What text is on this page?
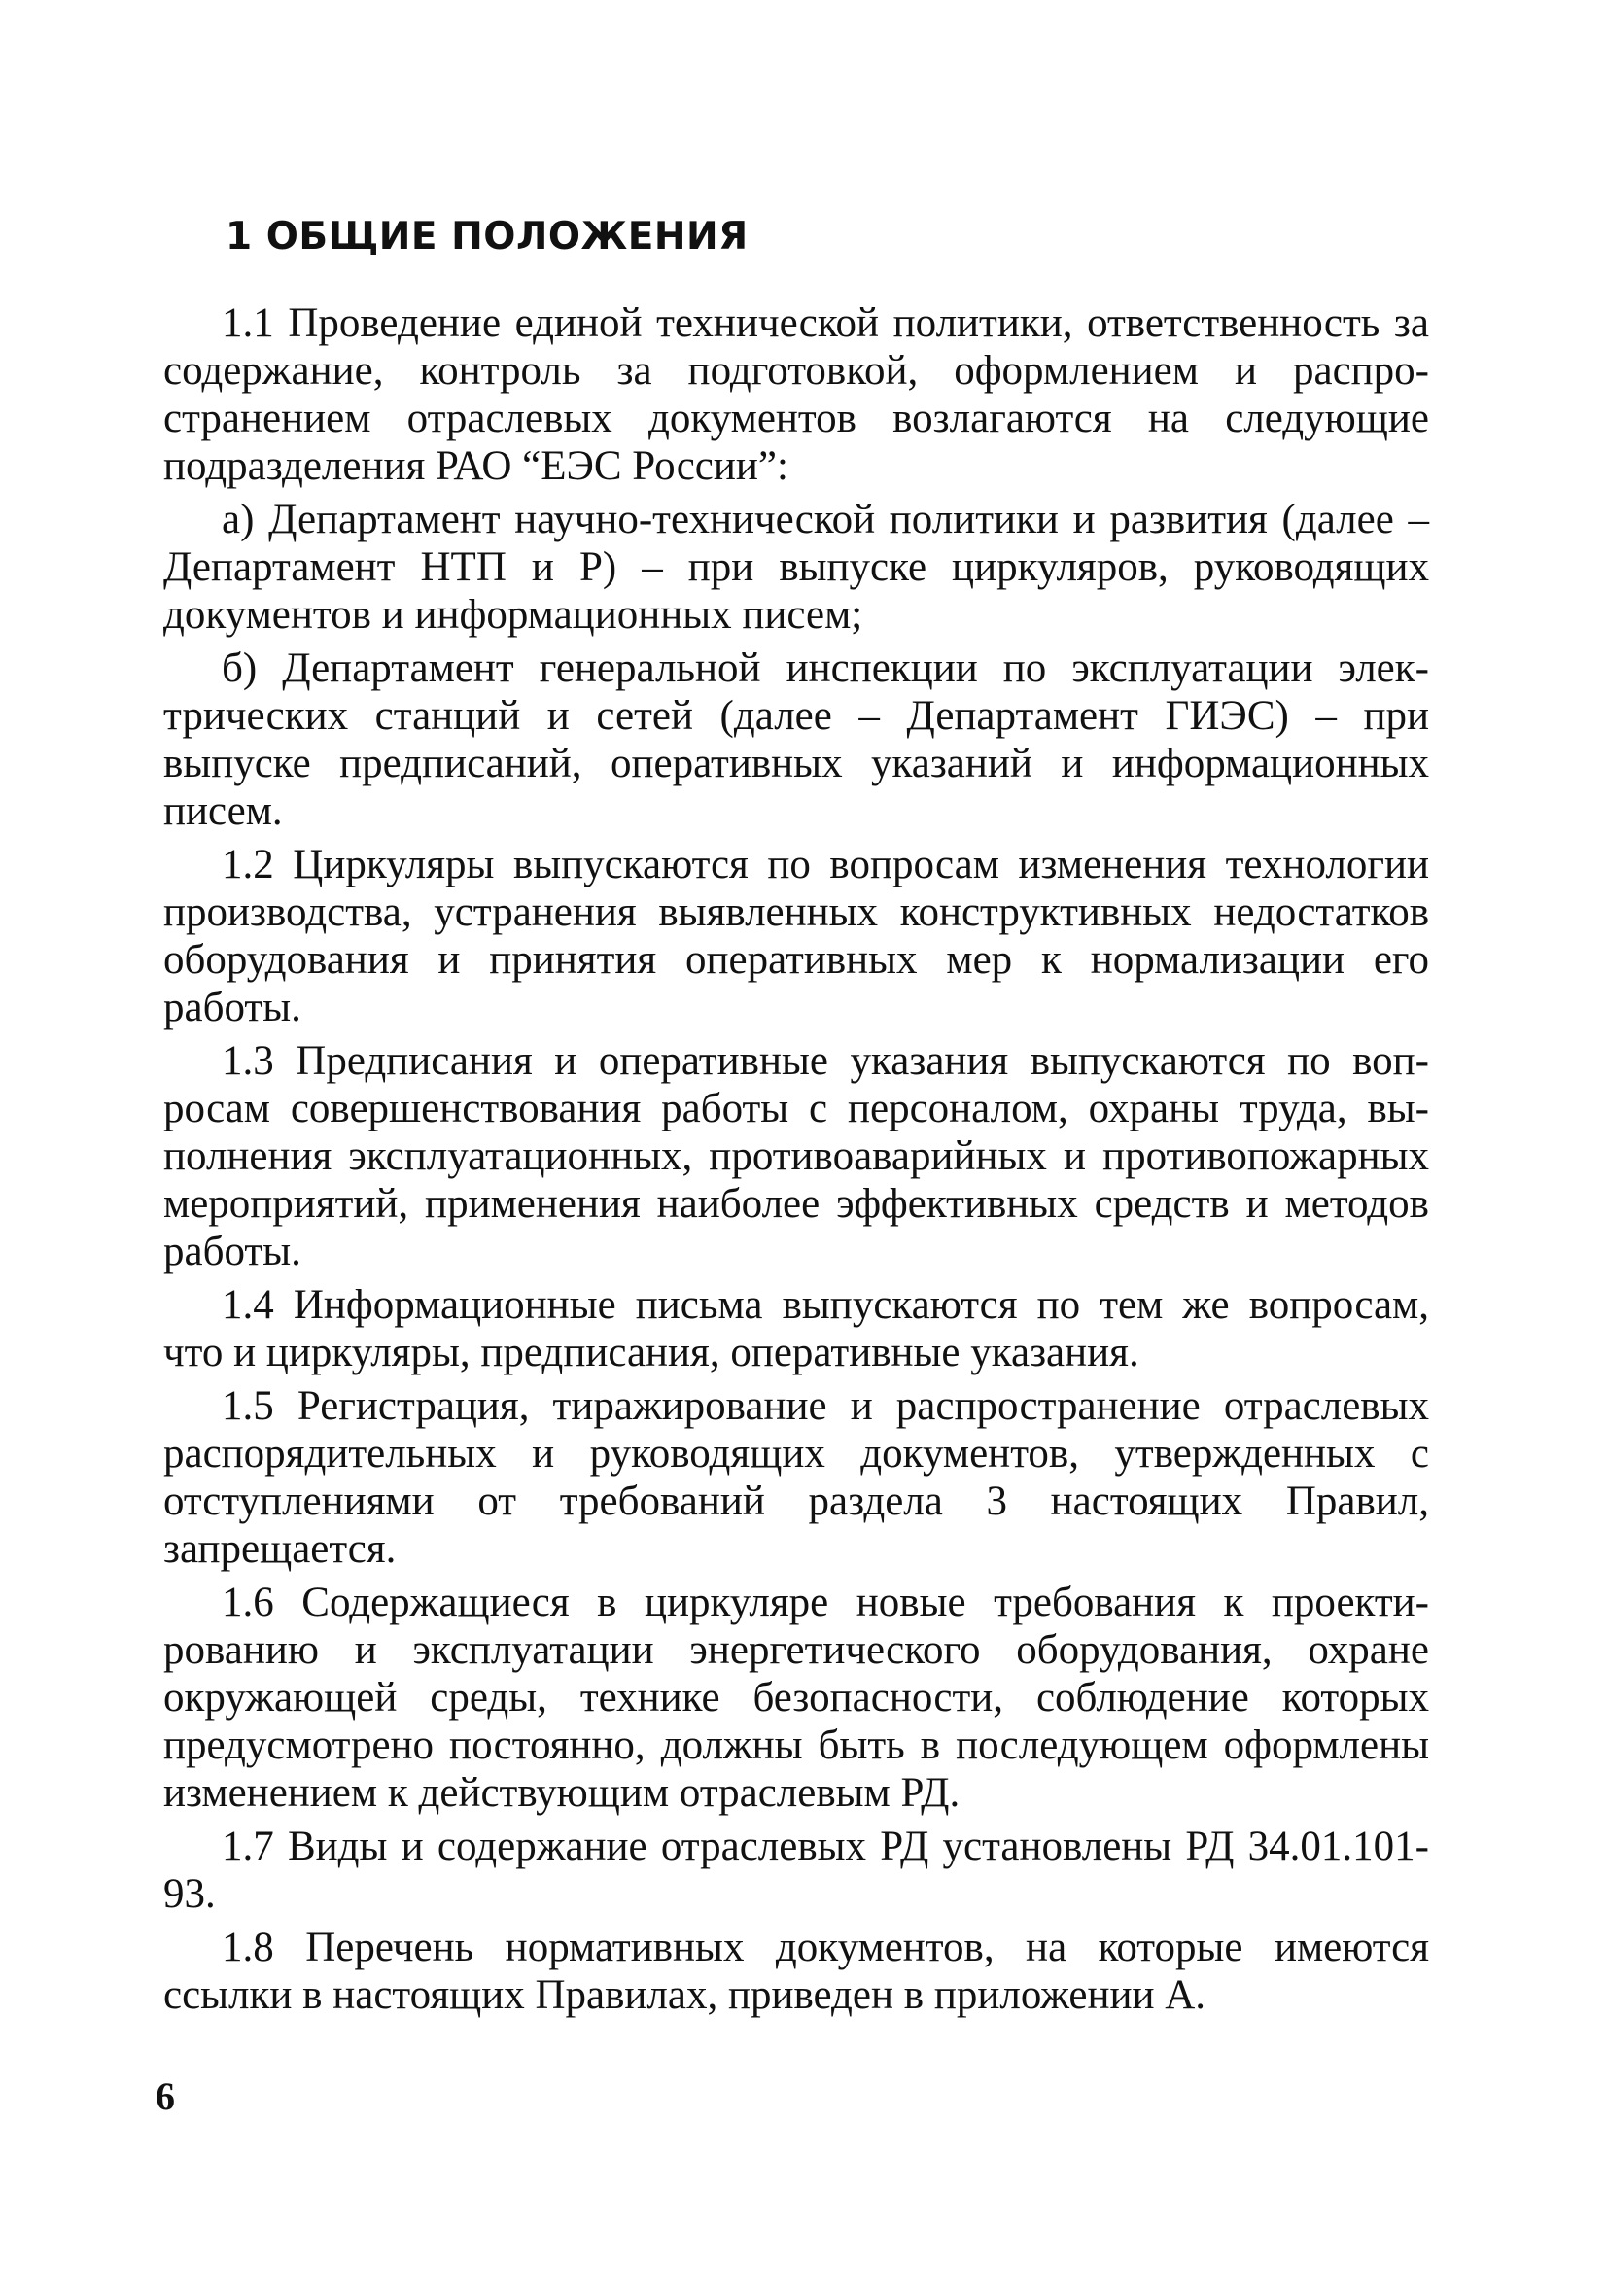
1 ОБЩИЕ ПОЛОЖЕНИЯ

1.1 Проведение единой технической политики, ответственность за содержание, контроль за подготовкой, оформлением и распространением отраслевых документов возлагаются на следующие подразделения РАО “ЕЭС России”:

а) Департамент научно-технической политики и развития (далее – Департамент НТП и Р) – при выпуске циркуляров, руководящих документов и информационных писем;

б) Департамент генеральной инспекции по эксплуатации электрических станций и сетей (далее – Департамент ГИЭС) – при выпуске предписаний, оперативных указаний и информационных писем.

1.2 Циркуляры выпускаются по вопросам изменения технологии производства, устранения выявленных конструктивных недостатков оборудования и принятия оперативных мер к нормализации его работы.

1.3 Предписания и оперативные указания выпускаются по вопросам совершенствования работы с персоналом, охраны труда, выполнения эксплуатационных, противоаварийных и противопожарных мероприятий, применения наиболее эффективных средств и методов работы.

1.4 Информационные письма выпускаются по тем же вопросам, что и циркуляры, предписания, оперативные указания.

1.5 Регистрация, тиражирование и распространение отраслевых распорядительных и руководящих документов, утвержденных с отступлениями от требований раздела 3 настоящих Правил, запрещается.

1.6 Содержащиеся в циркуляре новые требования к проектированию и эксплуатации энергетического оборудования, охране окружающей среды, технике безопасности, соблюдение которых предусмотрено постоянно, должны быть в последующем оформлены изменением к действующим отраслевым РД.

1.7 Виды и содержание отраслевых РД установлены РД 34.01.101-93.

1.8 Перечень нормативных документов, на которые имеются ссылки в настоящих Правилах, приведен в приложении А.

6
